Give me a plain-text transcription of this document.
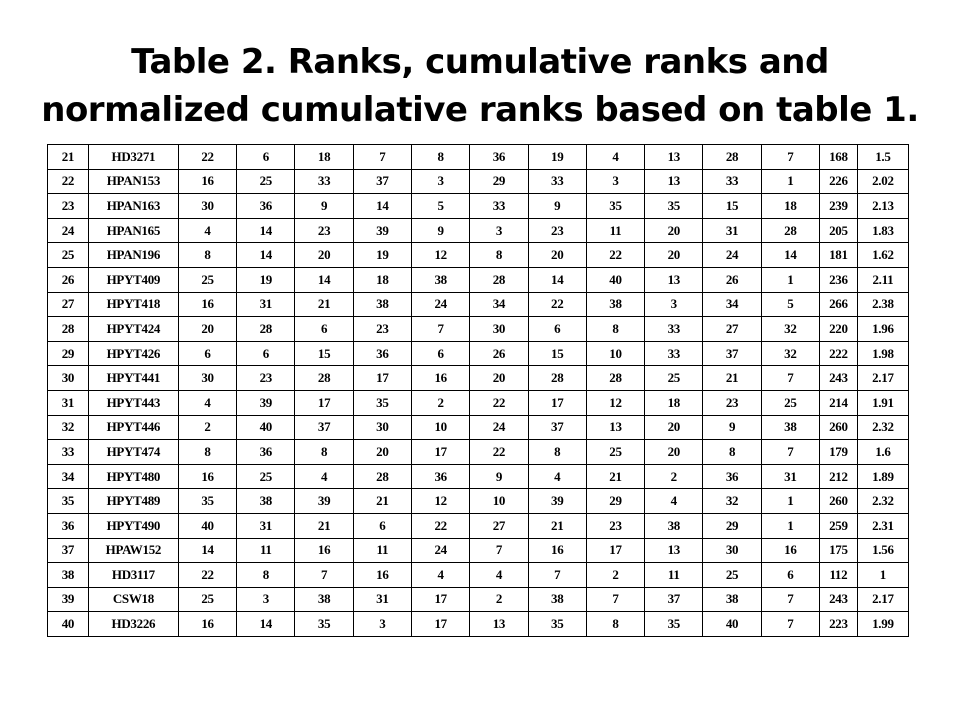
Table 2. Ranks, cumulative ranks and
normalized cumulative ranks based on table 1.
21	HD3271	22	6	18	7	8	36	19	4	13	28	7	168	1.5
22	HPAN153	16	25	33	37	3	29	33	3	13	33	1	226	2.02
23	HPAN163	30	36	9	14	5	33	9	35	35	15	18	239	2.13
24	HPAN165	4	14	23	39	9	3	23	11	20	31	28	205	1.83
25	HPAN196	8	14	20	19	12	8	20	22	20	24	14	181	1.62
26	HPYT409	25	19	14	18	38	28	14	40	13	26	1	236	2.11
27	HPYT418	16	31	21	38	24	34	22	38	3	34	5	266	2.38
28	HPYT424	20	28	6	23	7	30	6	8	33	27	32	220	1.96
29	HPYT426	6	6	15	36	6	26	15	10	33	37	32	222	1.98
30	HPYT441	30	23	28	17	16	20	28	28	25	21	7	243	2.17
31	HPYT443	4	39	17	35	2	22	17	12	18	23	25	214	1.91
32	HPYT446	2	40	37	30	10	24	37	13	20	9	38	260	2.32
33	HPYT474	8	36	8	20	17	22	8	25	20	8	7	179	1.6
34	HPYT480	16	25	4	28	36	9	4	21	2	36	31	212	1.89
35	HPYT489	35	38	39	21	12	10	39	29	4	32	1	260	2.32
36	HPYT490	40	31	21	6	22	27	21	23	38	29	1	259	2.31
37	HPAW152	14	11	16	11	24	7	16	17	13	30	16	175	1.56
38	HD3117	22	8	7	16	4	4	7	2	11	25	6	112	1
39	CSW18	25	3	38	31	17	2	38	7	37	38	7	243	2.17
40	HD3226	16	14	35	3	17	13	35	8	35	40	7	223	1.99
